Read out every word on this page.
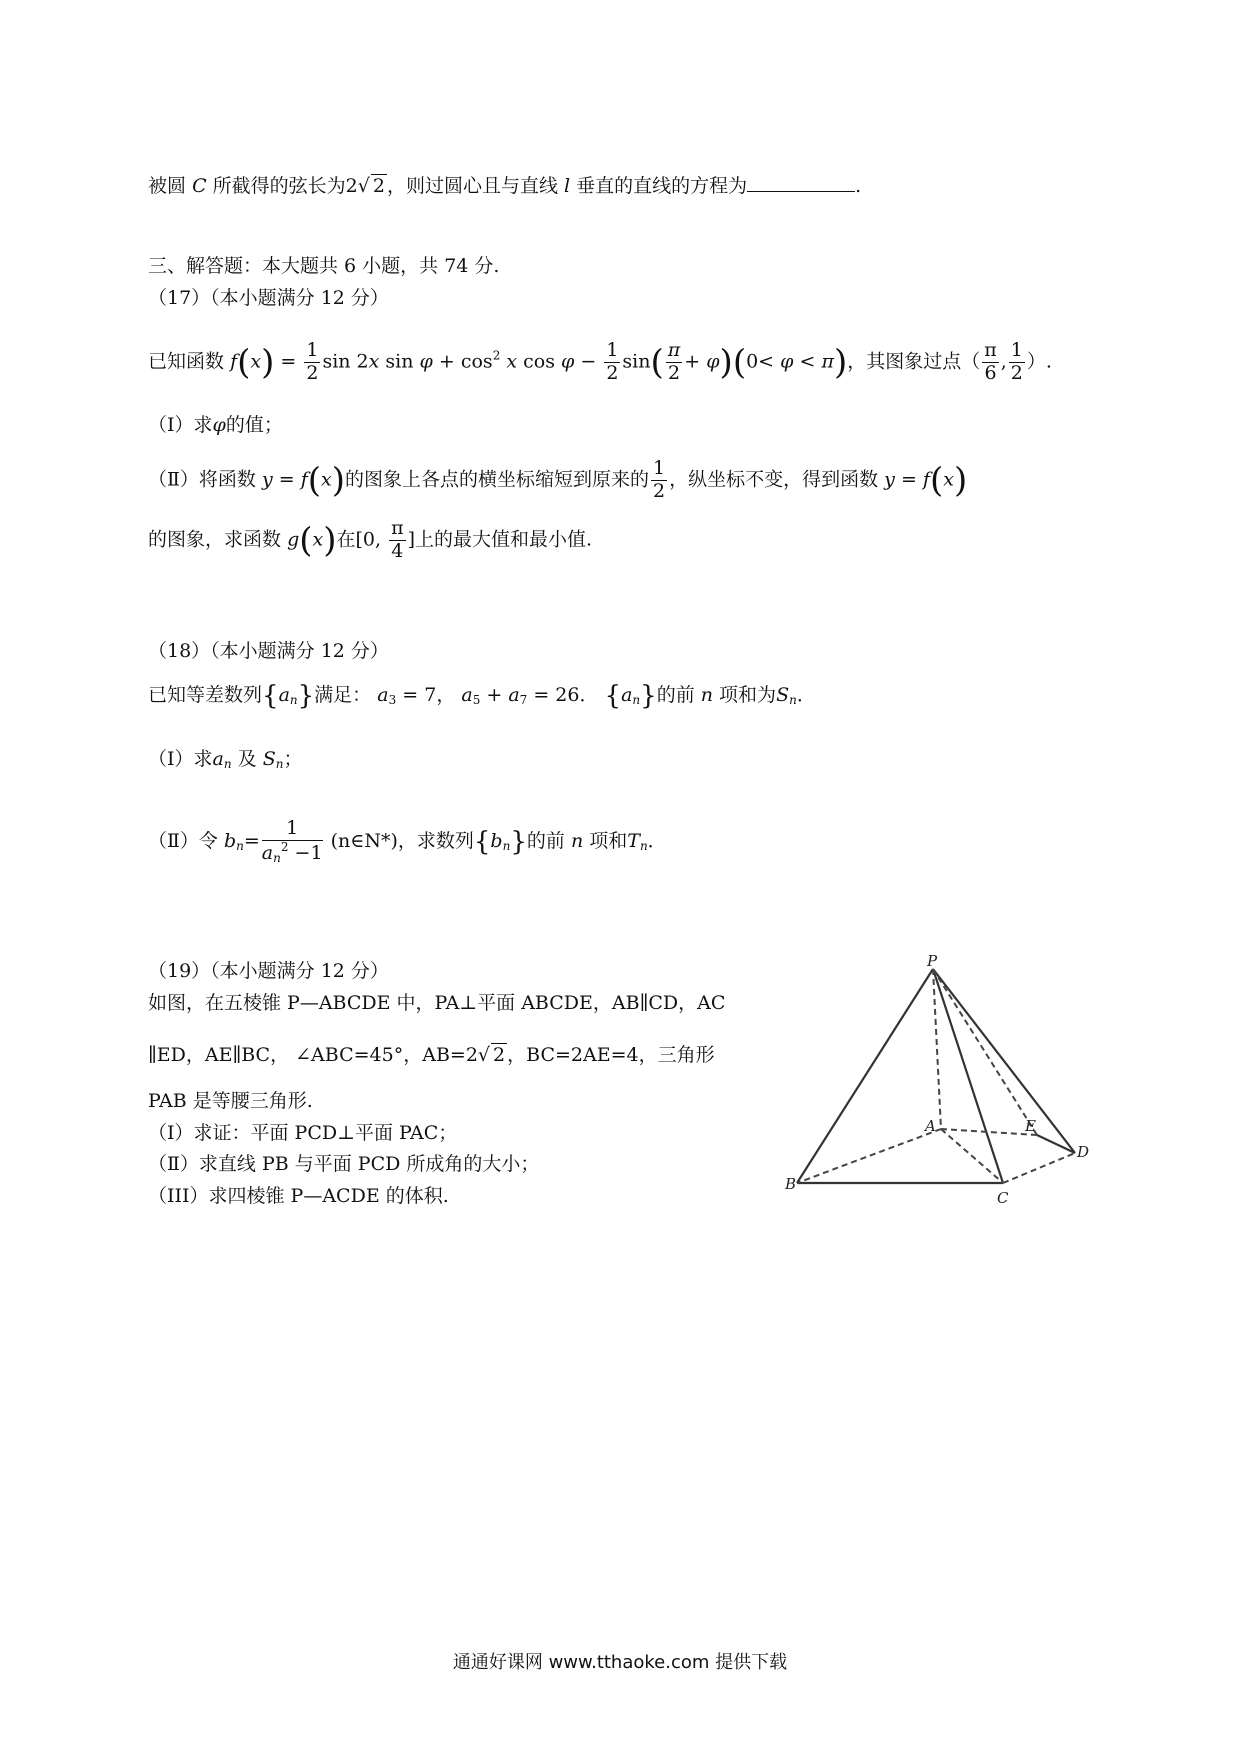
被圆 C 所截得的弦长为2√ 2 ，则过圆心且与直线 l 垂直的直线的方程为	.
三、解答题：本大题共 6 小题，共 74 分.
（17）（本小题满分 12 分）
已知函数 $f(x) = \frac{1}{2}$ sin 2x $\sin \varphi + \cos^2 x$ $\cos \varphi - \frac{1}{2} \sin( \frac{\pi}{2} + \varphi)(0< \varphi < \pi)$，其图象过点（ $\frac{\pi}{6}$ , $\frac{1}{2}$ ）.
（Ⅰ）求φ的值；
（Ⅱ）将函数 y = f(x)的图象上各点的横坐标缩短到原来的 $\frac{1}{2}$ ，纵坐标不变，得到函数 y = f(x)
的图象，求函数 g(x)在[0, $\frac{\pi}{4}$ ]上的最大值和最小值.
（18）（本小题满分 12 分）
已知等差数列$\{a_n\}$满足： $a_3 = 7$， $a_5 + a_7 = 26$． $\{a_n\}$的前 n 项和为$S_n$．
（Ⅰ）求$a_n$ 及 $S_n$；
（Ⅱ）令 $b_n= \frac{1}{a_n^2 -1}$ (n∈N*)，求数列$\{b_n\}$的前 n 项和$T_n$．
（19）（本小题满分 12 分）
如图，在五棱锥 P—ABCDE 中，PA⊥平面 ABCDE，AB∥CD，AC
∥ED，AE∥BC， ∠ABC=45°，AB=2√ 2 ，BC=2AE=4，三角形
PAB 是等腰三角形.
（Ⅰ）求证：平面 PCD⊥平面 PAC；
（Ⅱ）求直线 PB 与平面 PCD 所成角的大小；
（III）求四棱锥 P—ACDE 的体积.
P
A
B
C
D
E
通通好课网 www.tthaoke.com 提供下载
